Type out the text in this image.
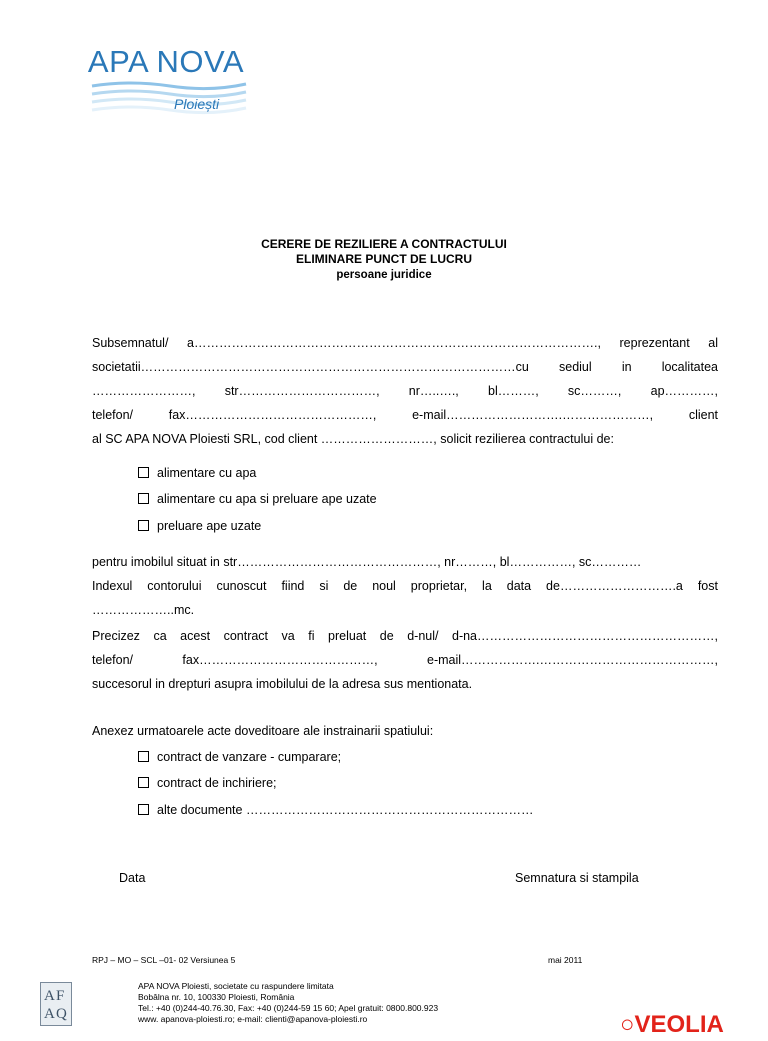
APA NOVA
Ploiești
CERERE DE REZILIERE A CONTRACTULUI
ELIMINARE PUNCT DE LUCRU
persoane juridice
Subsemnatul/ a……………………………………………………………………………………., reprezentant al
societatii………………………………………………………………………………cu sediul in localitatea
……………………, str……………………………, nr…..…., bl………, sc………, ap…………,
telefon/ fax………………………………………, e-mail……………………….…………………, client
al SC APA NOVA Ploiesti SRL, cod client ………………………, solicit rezilierea contractului de:
alimentare cu apa
alimentare cu apa si preluare ape uzate
preluare ape uzate
pentru imobilul situat in str…………………………………………, nr………, bl……………, sc…………
Indexul contorului cunoscut fiind si de noul proprietar, la data de……………………….a fost
………………..mc.
Precizez ca acest contract va fi preluat de d-nul/ d-na…………………………………………………,
telefon/ fax……………………………………, e-mail……………….……………………………………,
succesorul in drepturi asupra imobilului de la adresa sus mentionata.
Anexez urmatoarele acte doveditoare ale instrainarii spatiului:
contract de vanzare - cumparare;
contract de inchiriere;
alte documente ……………………………………………………………
Data	Semnatura si stampila
RPJ – MO – SCL –01- 02 Versiunea 5	mai 2011
A F
A Q
APA NOVA Ploiesti, societate cu raspundere limitata
Bobâlna nr. 10, 100330 Ploiesti, România
Tel.: +40 (0)244-40.76.30, Fax: +40 (0)244-59 15 60; Apel gratuit: 0800.800.923
www. apanova-ploiesti.ro; e-mail: clienti@apanova-ploiesti.ro	○VEOLIA
